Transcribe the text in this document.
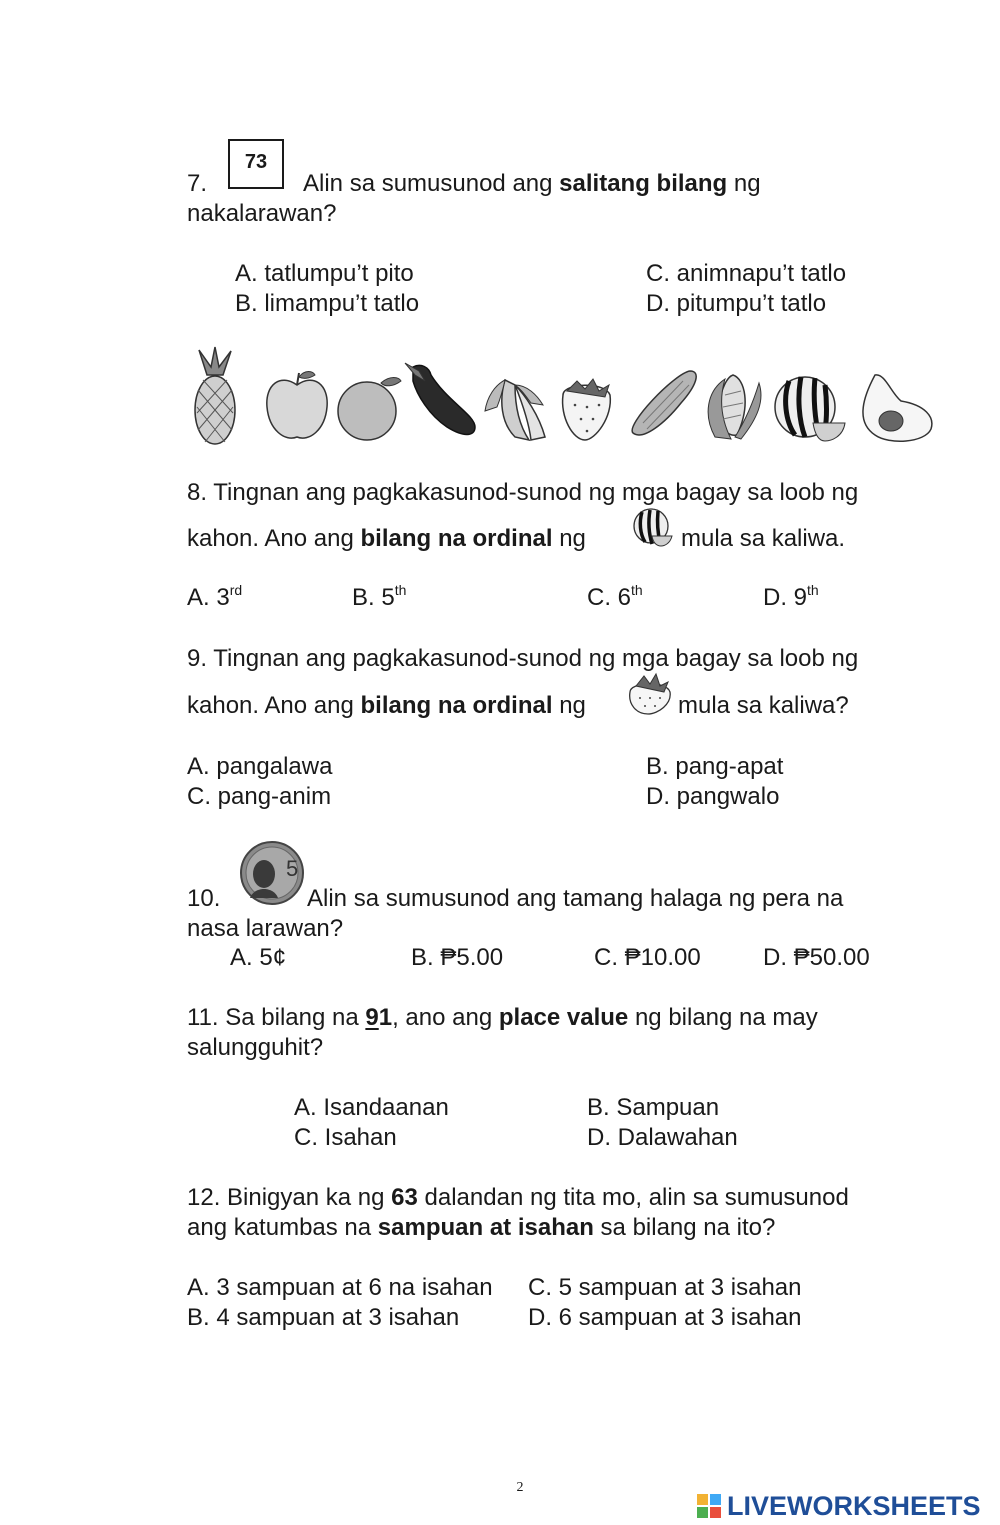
7.
73
Alin sa sumusunod ang salitang bilang ng
nakalarawan?
A. tatlumpu’t pito
B. limampu’t tatlo
C. animnapu’t tatlo
D. pitumpu’t tatlo
8. Tingnan ang pagkakasunod-sunod ng mga bagay sa loob ng
kahon. Ano ang bilang na ordinal ng	mula sa kaliwa.
A. 3rd	B. 5th	C. 6th	D. 9th
9. Tingnan ang pagkakasunod-sunod ng mga bagay sa loob ng
kahon. Ano ang bilang na ordinal ng	mula sa kaliwa?
A. pangalawa
C. pang-anim
B. pang-apat
D. pangwalo
10.
5
Alin sa sumusunod ang tamang halaga ng pera na
nasa larawan?
A. 5¢	B. ₱5.00	C. ₱10.00	D. ₱50.00
11. Sa bilang na 91, ano ang place value ng bilang na may
salungguhit?
A. Isandaanan
C. Isahan
B. Sampuan
D. Dalawahan
12. Binigyan ka ng 63 dalandan ng tita mo, alin sa sumusunod
ang katumbas na sampuan at isahan sa bilang na ito?
A. 3 sampuan at 6 na isahan
B. 4 sampuan at 3 isahan
C. 5 sampuan at 3 isahan
D. 6 sampuan at 3 isahan
2
LIVEWORKSHEETS
